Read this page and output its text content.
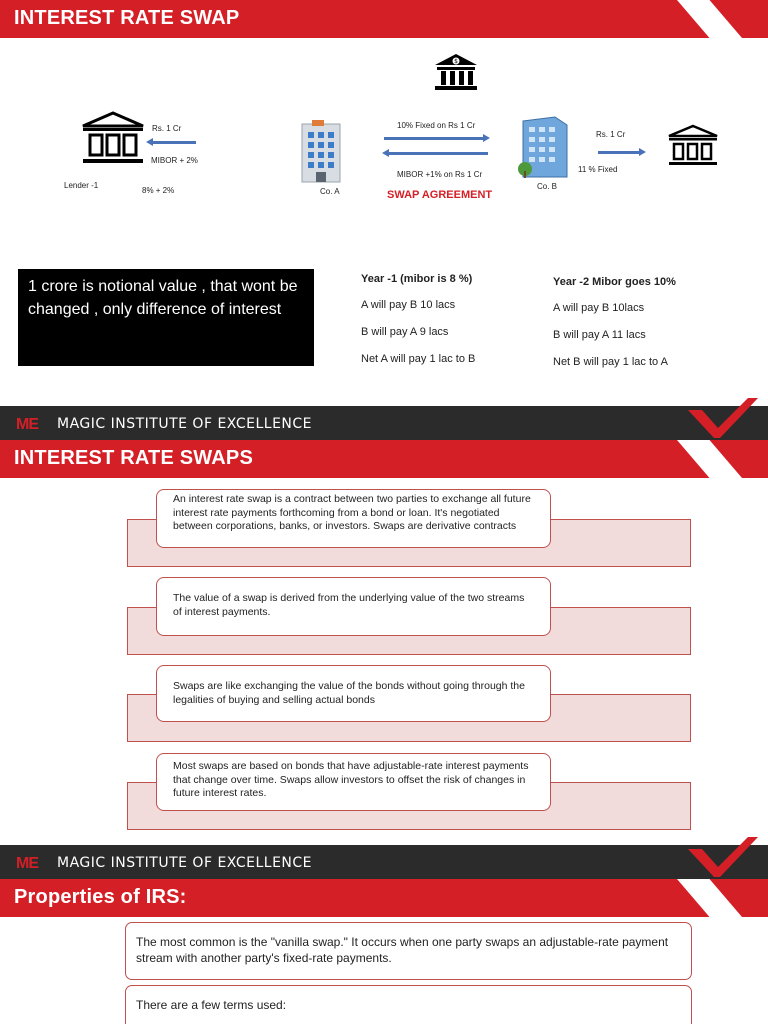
INTEREST RATE SWAP
$
Lender -1
Rs. 1 Cr
MIBOR + 2%
8% + 2%	Co. A
10% Fixed on Rs 1 Cr
MIBOR +1% on Rs 1 Cr
SWAP AGREEMENT
Co. B
Rs. 1 Cr
11 % Fixed
1 crore is notional value , that wont be changed , only difference of interest
Year -1 (mibor is 8 %)
A will pay B 10 lacs
B will pay A 9 lacs
Net A will pay 1 lac to B
Year -2 Mibor goes 10%
A will pay B 10lacs
B will pay A 11 lacs
Net B will pay 1 lac to A
ME MAGIC INSTITUTE OF EXCELLENCE
INTEREST RATE SWAPS
An interest rate swap is a contract between two parties to exchange all future interest rate payments forthcoming from a bond or loan. It's negotiated between corporations, banks, or investors. Swaps are derivative contracts
The value of a swap is derived from the underlying value of the two streams of interest payments.
Swaps are like exchanging the value of the bonds without going through the legalities of buying and selling actual bonds
Most swaps are based on bonds that have adjustable-rate interest payments that change over time. Swaps allow investors to offset the risk of changes in future interest rates.
ME MAGIC INSTITUTE OF EXCELLENCE
Properties of IRS:
The most common is the "vanilla swap." It occurs when one party swaps an adjustable-rate payment stream with another party's fixed-rate payments.
There are a few terms used:
